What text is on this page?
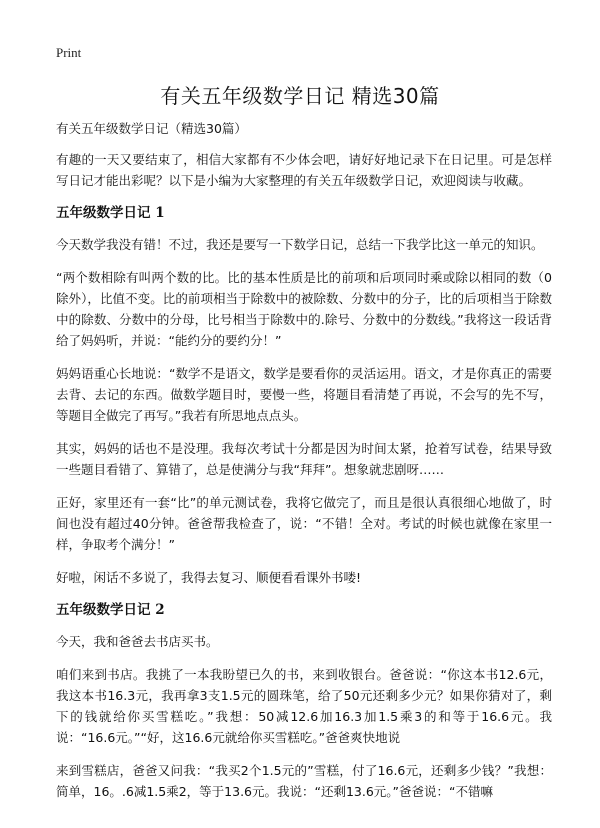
Print
有关五年级数学日记 精选30篇

有关五年级数学日记（精选30篇）

有趣的一天又要结束了，相信大家都有不少体会吧，请好好地记录下在日记里。可是怎样写日记才能出彩呢？以下是小编为大家整理的有关五年级数学日记，欢迎阅读与收藏。

五年级数学日记 1

今天数学我没有错！不过，我还是要写一下数学日记，总结一下我学比这一单元的知识。

“两个数相除有叫两个数的比。比的基本性质是比的前项和后项同时乘或除以相同的数（0除外），比值不变。比的前项相当于除数中的被除数、分数中的分子，比的后项相当于除数中的除数、分数中的分母，比号相当于除数中的.除号、分数中的分数线。”我将这一段话背给了妈妈听，并说：“能约分的要约分！”

妈妈语重心长地说：“数学不是语文，数学是要看你的灵活运用。语文，才是你真正的需要去背、去记的东西。做数学题目时，要慢一些，将题目看清楚了再说，不会写的先不写，等题目全做完了再写。”我若有所思地点点头。

其实，妈妈的话也不是没理。我每次考试十分都是因为时间太紧，抢着写试卷，结果导致一些题目看错了、算错了，总是使满分与我“拜拜”。想象就悲剧呀……

正好，家里还有一套“比”的单元测试卷，我将它做完了，而且是很认真很细心地做了，时间也没有超过40分钟。爸爸帮我检查了，说：“不错！全对。考试的时候也就像在家里一样，争取考个满分！”

好啦，闲话不多说了，我得去复习、顺便看看课外书喽!

五年级数学日记 2

今天，我和爸爸去书店买书。

咱们来到书店。我挑了一本我盼望已久的书，来到收银台。爸爸说：“你这本书12.6元，我这本书16.3元，我再拿3支1.5元的圆珠笔，给了50元还剩多少元？如果你猜对了，剩下的钱就给你买雪糕吃。”我想：50减12.6加16.3加1.5乘3的和等于16.6元。我说：“16.6元。”“好，这16.6元就给你买雪糕吃。”爸爸爽快地说

来到雪糕店，爸爸又问我：“我买2个1.5元的”雪糕，付了16.6元，还剩多少钱？”我想：简单，16。.6减1.5乘2，等于13.6元。我说：“还剩13.6元。”爸爸说：“不错嘛
